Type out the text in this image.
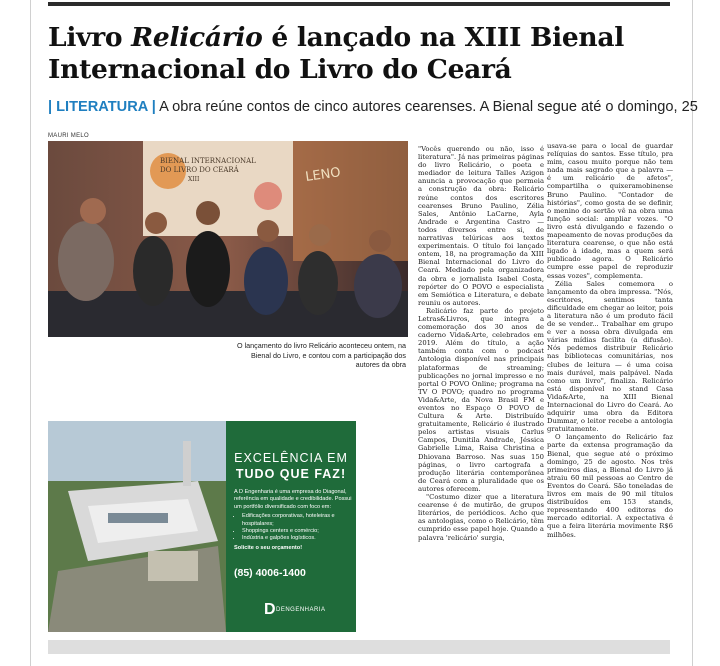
Livro Relicário é lançado na XIII Bienal
Internacional do Livro do Ceará
| LITERATURA | A obra reúne contos de cinco autores cearenses. A Bienal segue até o domingo, 25
MAURI MELO
BIENAL INTERNACIONAL
DO LIVRO DO CEARÁ
XIII	LENO
O lançamento do livro Relicário aconteceu ontem, na Bienal do Livro, e contou com a participação dos autores da obra
EXCELÊNCIA EM
TUDO QUE FAZ!
A D Engenharia é uma empresa do Diagonal, referência em qualidade e credibilidade. Possui um portfólio diversificado com foco em:
• Edificações corporativas, hoteleiras e hospitalares;
• Shoppings centers e comércio;
• Indústria e galpões logísticos.
Solicite o seu orçamento!
(85) 4006-1400
D DENGENHARIA

"Vocês querendo ou não, isso é literatura". Já nas primeiras páginas do livro Relicário, o poeta e mediador de leitura Talles Azigon anuncia a provocação que permeia a construção da obra: Relicário reúne contos dos escritores cearenses Bruno Paulino, Zélia Sales, Antônio LaCarne, Ayla Andrade e Argentina Castro — todos diversos entre si, de narrativas telúricas aos textos experimentais. O título foi lançado ontem, 18, na programação da XIII Bienal Internacional do Livro do Ceará. Mediado pela organizadora da obra e jornalista Isabel Costa, repórter do O POVO e especialista em Semiótica e Literatura, e debate reuniu os autores.

Relicário faz parte do projeto Letras&Livros, que integra a comemoração dos 30 anos de caderno Vida&Arte, celebrados em 2019. Além do título, a ação também conta com o podcast Antologia disponível nas principais plataformas de streaming; publicações no jornal impresso e no portal O POVO Online; programa na TV O POVO; quadro no programa Vida&Arte, da Nova Brasil FM e eventos no Espaço O POVO de Cultura & Arte. Distribuído gratuitamente, Relicário é ilustrado pelos artistas visuais Carlus Campos, Dunitila Andrade, Jéssica Gabrielle Lima, Raisa Christina e Dhiovana Barroso. Nas suas 150 páginas, o livro cartografa a produção literária contemporânea de Ceará com a pluralidade que os autores oferecem.

"Costumo dizer que a literatura cearense é de mutirão, de grupos literários, de periódicos. Acho que as antologias, como o Relicário, têm cumprido esse papel hoje. Quando a palavra 'relicário' surgia,

usava-se para o local de guardar relíquias do santos. Esse título, pra mim, casou muito porque não tem nada mais sagrado que a palavra — é um relicário de afetos", compartilha o quixeramobinense Bruno Paulino. "Contador de histórias", como gosta de se definir, o menino do sertão vê na obra uma função social: ampliar vozes. "O livro está divulgando e fazendo o mapeamento de novas produções da literatura cearense, o que não está ligado à idade, mas a quem será publicado agora. O Relicário cumpre esse papel de reproduzir essas vozes", complementa.

Zélia Sales comemora o lançamento da obra impressa. "Nós, escritores, sentimos tanta dificuldade em chegar ao leitor, pois a literatura não é um produto fácil de se vender... Trabalhar em grupo e ver a nossa obra divulgada em várias mídias facilita (a difusão). Nós pedemos distribuir Relicário nas bibliotecas comunitárias, nos clubes de leitura — é uma coisa mais durável, mais palpável. Nada como um livro", finaliza. Relicário está disponível no stand Casa Vida&Arte, na XIII Bienal Internacional do Livro do Ceará. Ao adquirir uma obra da Editora Dummar, o leitor recebe a antologia gratuitamente.

O lançamento do Relicário faz parte da extensa programação da Bienal, que segue até o próximo domingo, 25 de agosto. Nos três primeiros dias, a Bienal do Livro já atraiu 60 mil pessoas ao Centro de Eventos do Ceará. São toneladas de livros em mais de 90 mil títulos distribuídos em 153 stands, representando 400 editoras do mercado editorial. A expectativa é que a feira literária movimente R$6 milhões.
